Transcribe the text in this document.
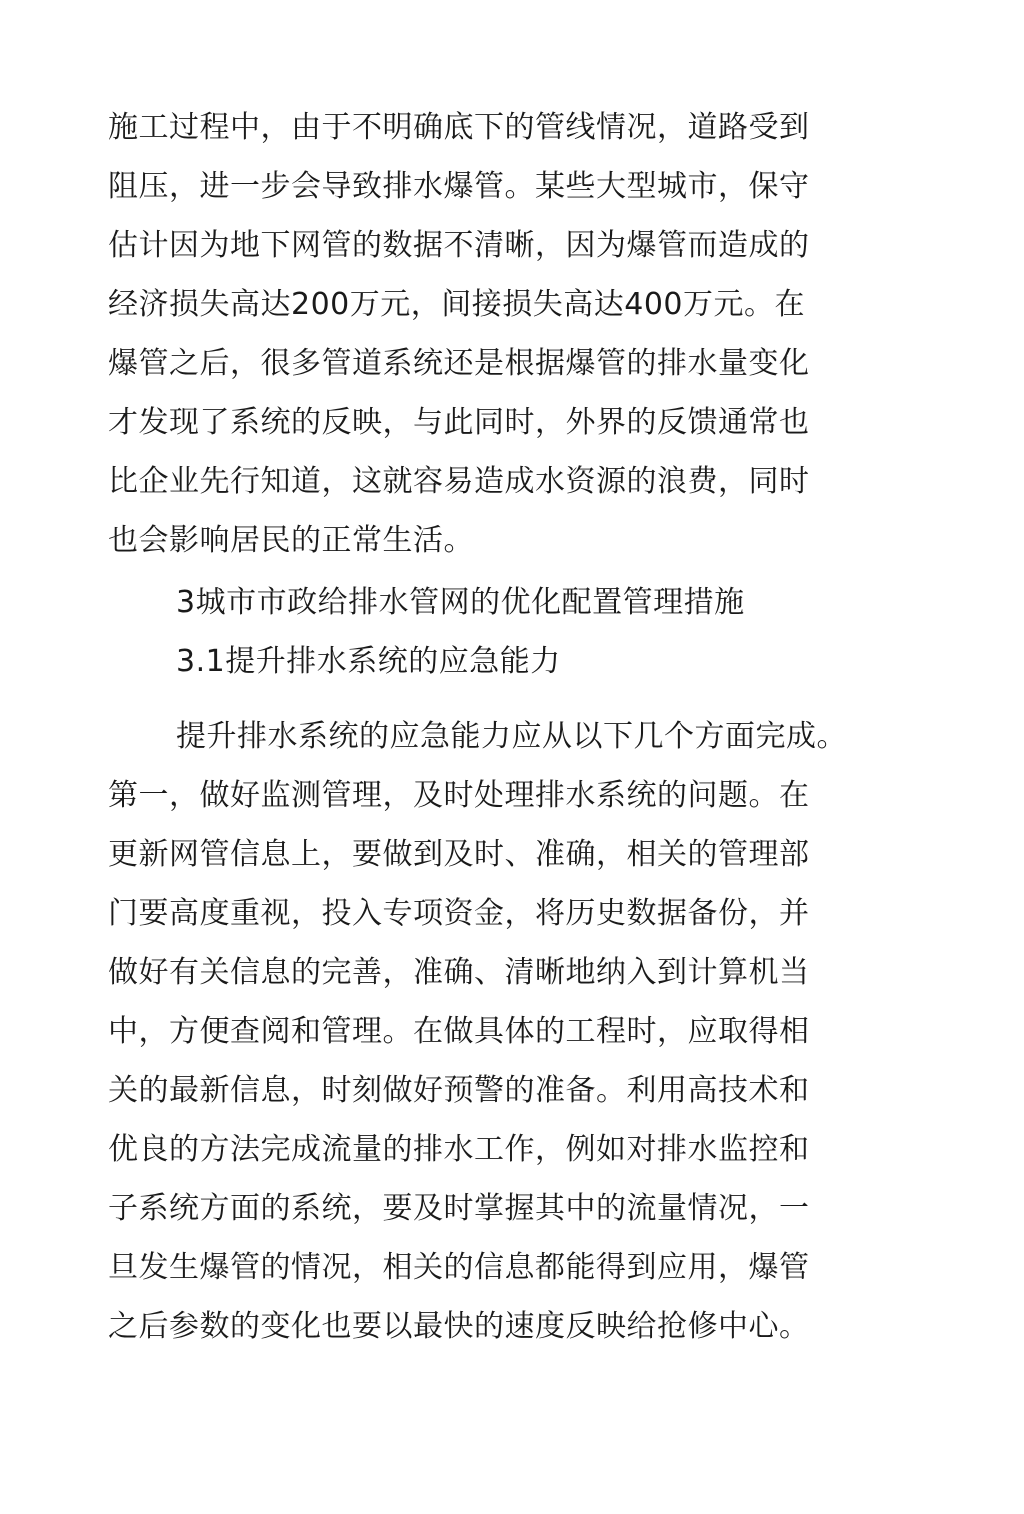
施工过程中，由于不明确底下的管线情况，道路受到
阻压，进一步会导致排水爆管。某些大型城市，保守
估计因为地下网管的数据不清晰，因为爆管而造成的
经济损失高达200万元，间接损失高达400万元。在
爆管之后，很多管道系统还是根据爆管的排水量变化
才发现了系统的反映，与此同时，外界的反馈通常也
比企业先行知道，这就容易造成水资源的浪费，同时
也会影响居民的正常生活。
3城市市政给排水管网的优化配置管理措施
3.1提升排水系统的应急能力
提升排水系统的应急能力应从以下几个方面完成。
第一，做好监测管理，及时处理排水系统的问题。在
更新网管信息上，要做到及时、准确，相关的管理部
门要高度重视，投入专项资金，将历史数据备份，并
做好有关信息的完善，准确、清晰地纳入到计算机当
中，方便查阅和管理。在做具体的工程时，应取得相
关的最新信息，时刻做好预警的准备。利用高技术和
优良的方法完成流量的排水工作，例如对排水监控和
子系统方面的系统，要及时掌握其中的流量情况，一
旦发生爆管的情况，相关的信息都能得到应用，爆管
之后参数的变化也要以最快的速度反映给抢修中心。
